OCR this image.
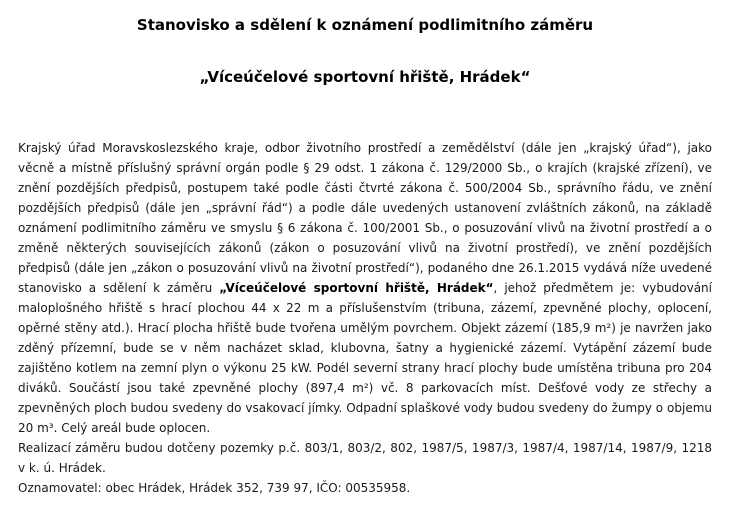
Stanovisko a sdělení k oznámení podlimitního záměru
„Víceúčelové sportovní hřiště, Hrádek“

Krajský úřad Moravskoslezského kraje, odbor životního prostředí a zemědělství (dále jen „krajský úřad“), jako věcně a místně příslušný správní orgán podle § 29 odst. 1 zákona č. 129/2000 Sb., o krajích (krajské zřízení), ve znění pozdějších předpisů, postupem také podle části čtvrté zákona č. 500/2004 Sb., správního řádu, ve znění pozdějších předpisů (dále jen „správní řád“) a podle dále uvedených ustanovení zvláštních zákonů, na základě oznámení podlimitního záměru ve smyslu § 6 zákona č. 100/2001 Sb., o posuzování vlivů na životní prostředí a o změně některých souvisejících zákonů (zákon o posuzování vlivů na životní prostředí), ve znění pozdějších předpisů (dále jen „zákon o posuzování vlivů na životní prostředí“), podaného dne 26.1.2015 vydává níže uvedené stanovisko a sdělení k záměru „Víceúčelové sportovní hřiště, Hrádek“, jehož předmětem je: vybudování maloplošného hřiště s hrací plochou 44 x 22 m a příslušenstvím (tribuna, zázemí, zpevněné plochy, oplocení, opěrné stěny atd.). Hrací plocha hřiště bude tvořena umělým povrchem. Objekt zázemí (185,9 m²) je navržen jako zděný přízemní, bude se v něm nacházet sklad, klubovna, šatny a hygienické zázemí. Vytápění zázemí bude zajištěno kotlem na zemní plyn o výkonu 25 kW. Podél severní strany hrací plochy bude umístěna tribuna pro 204 diváků. Součástí jsou také zpevněné plochy (897,4 m²) vč. 8 parkovacích míst. Dešťové vody ze střechy a zpevněných ploch budou svedeny do vsakovací jímky. Odpadní splaškové vody budou svedeny do žumpy o objemu 20 m³. Celý areál bude oplocen.

Realizací záměru budou dotčeny pozemky p.č. 803/1, 803/2, 802, 1987/5, 1987/3, 1987/4, 1987/14, 1987/9, 1218 v k. ú. Hrádek.

Oznamovatel: obec Hrádek, Hrádek 352, 739 97, IČO: 00535958.
